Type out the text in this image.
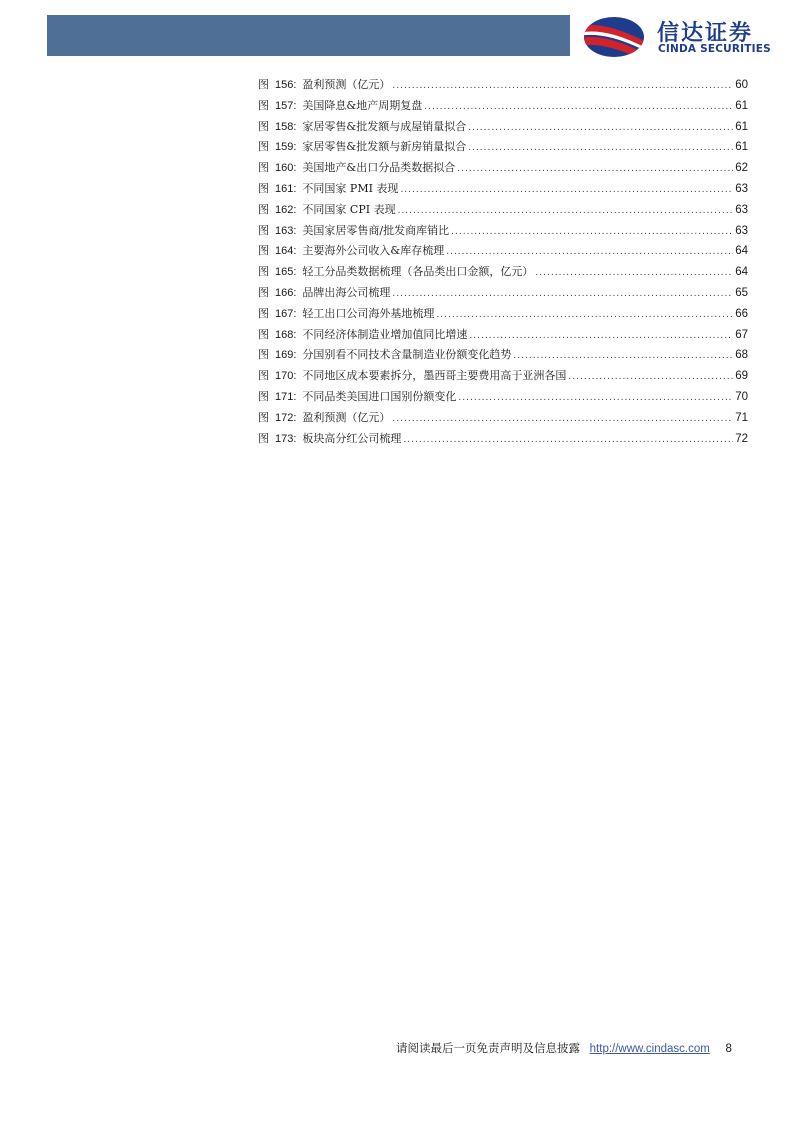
信达证券
CINDA SECURITIES
图 156: 盈利预测（亿元） .....	60
图 157: 美国降息&地产周期复盘 .....	61
图 158: 家居零售&批发额与成屋销量拟合 .....	61
图 159: 家居零售&批发额与新房销量拟合 .....	61
图 160: 美国地产&出口分品类数据拟合 .....	62
图 161: 不同国家 PMI 表现 .....	63
图 162: 不同国家 CPI 表现 .....	63
图 163: 美国家居零售商/批发商库销比 .....	63
图 164: 主要海外公司收入&库存梳理 .....	64
图 165: 轻工分品类数据梳理（各品类出口金额，亿元） .....	64
图 166: 品牌出海公司梳理 .....	65
图 167: 轻工出口公司海外基地梳理 .....	66
图 168: 不同经济体制造业增加值同比增速 .....	67
图 169: 分国别看不同技术含量制造业份额变化趋势 .....	68
图 170: 不同地区成本要素拆分，墨西哥主要费用高于亚洲各国 .....	69
图 171: 不同品类美国进口国别份额变化 .....	70
图 172: 盈利预测（亿元） .....	71
图 173: 板块高分红公司梳理 .....	72
请阅读最后一页免责声明及信息披露 http://www.cindasc.com 8
